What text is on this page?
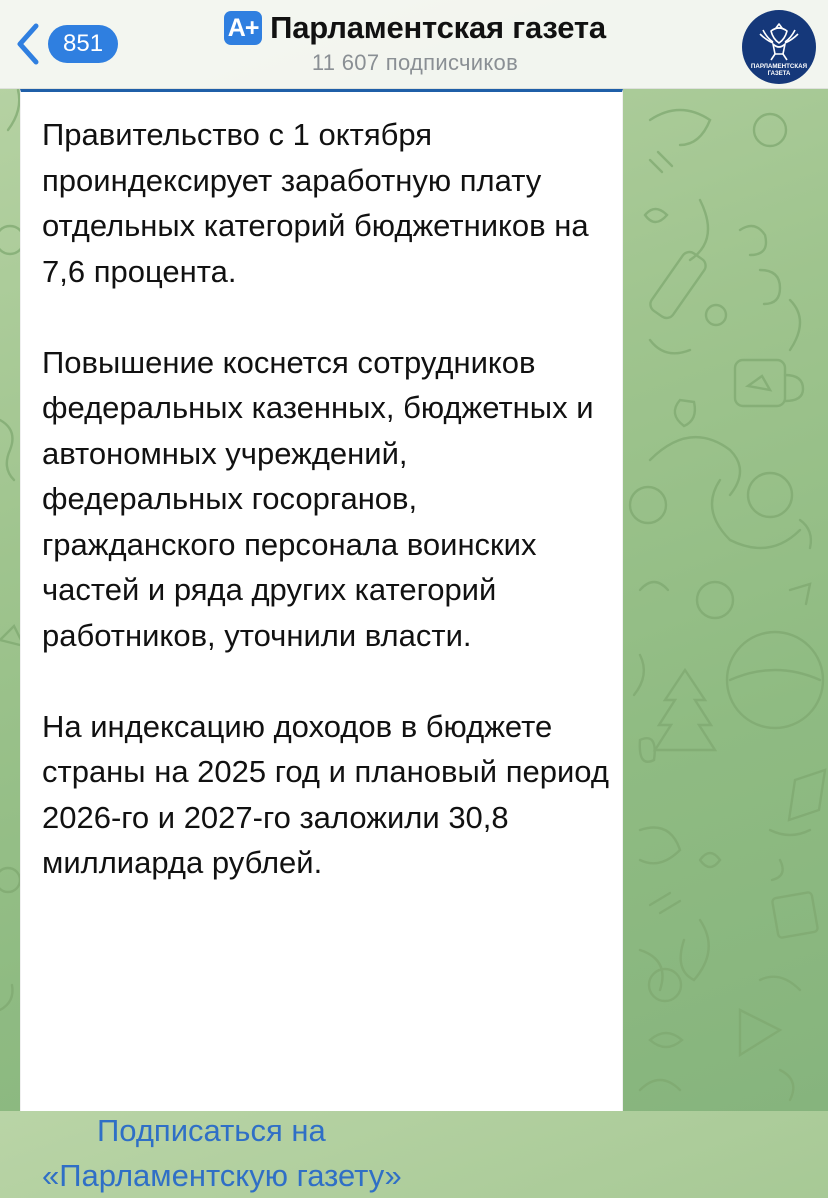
851
A+ Парламентская газета
11 607 подписчиков	ПАРЛАМЕНТСКАЯ
ГАЗЕТА
Правительство с 1 октября проиндексирует заработную плату отдельных категорий бюджетников на 7,6 процента.
Повышение коснется сотрудников федеральных казенных, бюджетных и автономных учреждений, федеральных госорганов, гражданского персонала воинских частей и ряда других категорий работников, уточнили власти.
На индексацию доходов в бюджете страны на 2025 год и плановый период 2026-го и 2027-го заложили 30,8 миллиарда рублей.
Подписаться на
«Парламентскую газету»
